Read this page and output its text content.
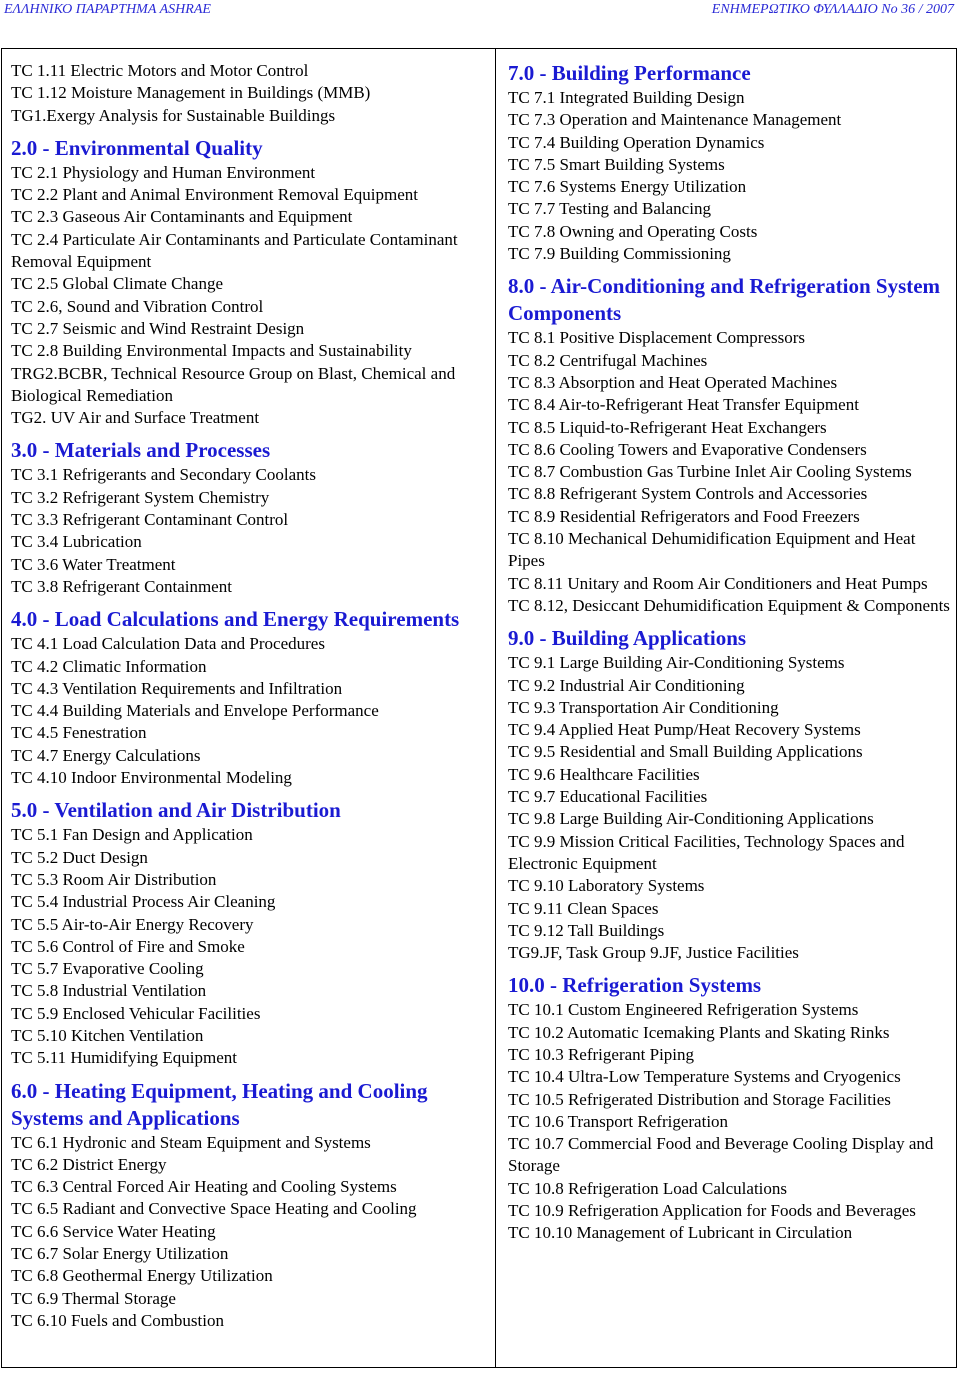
ΕΛΛΗΝΙΚΟ ΠΑΡΑΡΤΗΜΑ ASHRAE	ΕΝΗΜΕΡΩΤΙΚΟ ΦΥΛΛΑΔΙΟ Νο 36 / 2007
TC 1.11 Electric Motors and Motor Control
TC 1.12 Moisture Management in Buildings (MMB)
TG1.Exergy Analysis for Sustainable Buildings
2.0 - Environmental Quality
TC 2.1 Physiology and Human Environment
TC 2.2 Plant and Animal Environment Removal Equipment
TC 2.3 Gaseous Air Contaminants and Equipment
TC 2.4 Particulate Air Contaminants and Particulate Contaminant Removal Equipment
TC 2.5 Global Climate Change
TC 2.6, Sound and Vibration Control
TC 2.7 Seismic and Wind Restraint Design
TC 2.8 Building Environmental Impacts and Sustainability
TRG2.BCBR, Technical Resource Group on Blast, Chemical and Biological Remediation
TG2. UV Air and Surface Treatment
3.0 - Materials and Processes
TC 3.1 Refrigerants and Secondary Coolants
TC 3.2 Refrigerant System Chemistry
TC 3.3 Refrigerant Contaminant Control
TC 3.4 Lubrication
TC 3.6 Water Treatment
TC 3.8 Refrigerant Containment
4.0 - Load Calculations and Energy Requirements
TC 4.1 Load Calculation Data and Procedures
TC 4.2 Climatic Information
TC 4.3 Ventilation Requirements and Infiltration
TC 4.4 Building Materials and Envelope Performance
TC 4.5 Fenestration
TC 4.7 Energy Calculations
TC 4.10 Indoor Environmental Modeling
5.0 - Ventilation and Air Distribution
TC 5.1 Fan Design and Application
TC 5.2 Duct Design
TC 5.3 Room Air Distribution
TC 5.4 Industrial Process Air Cleaning
TC 5.5 Air-to-Air Energy Recovery
TC 5.6 Control of Fire and Smoke
TC 5.7 Evaporative Cooling
TC 5.8 Industrial Ventilation
TC 5.9 Enclosed Vehicular Facilities
TC 5.10 Kitchen Ventilation
TC 5.11 Humidifying Equipment
6.0 - Heating Equipment, Heating and Cooling Systems and Applications
TC 6.1 Hydronic and Steam Equipment and Systems
TC 6.2 District Energy
TC 6.3 Central Forced Air Heating and Cooling Systems
TC 6.5 Radiant and Convective Space Heating and Cooling
TC 6.6 Service Water Heating
TC 6.7 Solar Energy Utilization
TC 6.8 Geothermal Energy Utilization
TC 6.9 Thermal Storage
TC 6.10 Fuels and Combustion
7.0 - Building Performance
TC 7.1 Integrated Building Design
TC 7.3 Operation and Maintenance Management
TC 7.4 Building Operation Dynamics
TC 7.5 Smart Building Systems
TC 7.6 Systems Energy Utilization
TC 7.7 Testing and Balancing
TC 7.8 Owning and Operating Costs
TC 7.9 Building Commissioning
8.0 - Air-Conditioning and Refrigeration System Components
TC 8.1 Positive Displacement Compressors
TC 8.2 Centrifugal Machines
TC 8.3 Absorption and Heat Operated Machines
TC 8.4 Air-to-Refrigerant Heat Transfer Equipment
TC 8.5 Liquid-to-Refrigerant Heat Exchangers
TC 8.6 Cooling Towers and Evaporative Condensers
TC 8.7 Combustion Gas Turbine Inlet Air Cooling Systems
TC 8.8 Refrigerant System Controls and Accessories
TC 8.9 Residential Refrigerators and Food Freezers
TC 8.10 Mechanical Dehumidification Equipment and Heat Pipes
TC 8.11 Unitary and Room Air Conditioners and Heat Pumps
TC 8.12, Desiccant Dehumidification Equipment & Components
9.0 - Building Applications
TC 9.1 Large Building Air-Conditioning Systems
TC 9.2 Industrial Air Conditioning
TC 9.3 Transportation Air Conditioning
TC 9.4 Applied Heat Pump/Heat Recovery Systems
TC 9.5 Residential and Small Building Applications
TC 9.6 Healthcare Facilities
TC 9.7 Educational Facilities
TC 9.8 Large Building Air-Conditioning Applications
TC 9.9 Mission Critical Facilities, Technology Spaces and Electronic Equipment
TC 9.10 Laboratory Systems
TC 9.11 Clean Spaces
TC 9.12 Tall Buildings
TG9.JF, Task Group 9.JF, Justice Facilities
10.0 - Refrigeration Systems
TC 10.1 Custom Engineered Refrigeration Systems
TC 10.2 Automatic Icemaking Plants and Skating Rinks
TC 10.3 Refrigerant Piping
TC 10.4 Ultra-Low Temperature Systems and Cryogenics
TC 10.5 Refrigerated Distribution and Storage Facilities
TC 10.6 Transport Refrigeration
TC 10.7 Commercial Food and Beverage Cooling Display and Storage
TC 10.8 Refrigeration Load Calculations
TC 10.9 Refrigeration Application for Foods and Beverages
TC 10.10 Management of Lubricant in Circulation
